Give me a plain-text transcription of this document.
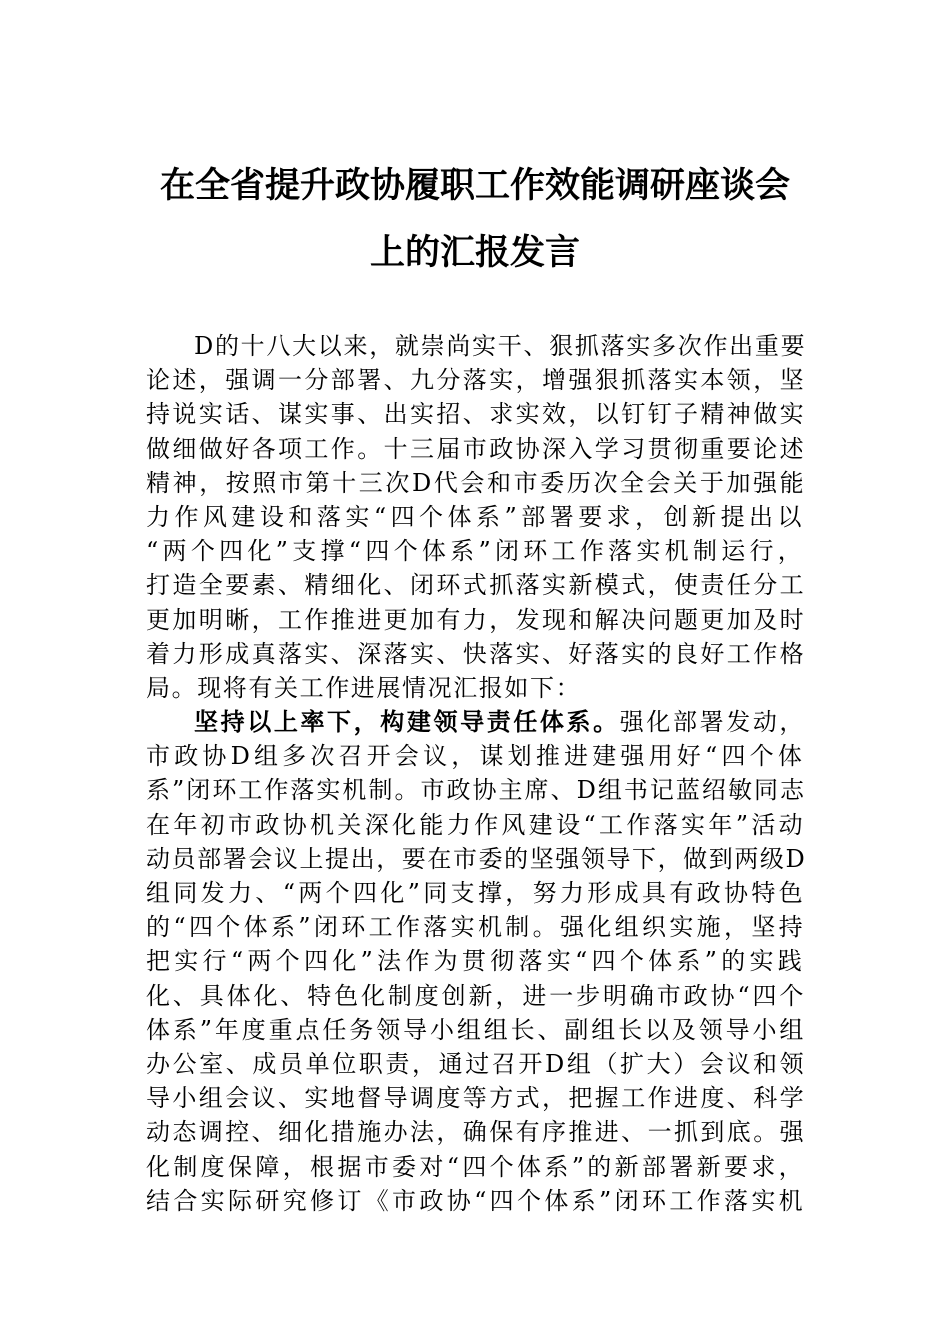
在全省提升政协履职工作效能调研座谈会
上的汇报发言

D的十八大以来，就崇尚实干、狠抓落实多次作出重要
论述，强调一分部署、九分落实，增强狠抓落实本领，坚
持说实话、谋实事、出实招、求实效，以钉钉子精神做实
做细做好各项工作。十三届市政协深入学习贯彻重要论述
精神，按照市第十三次D代会和市委历次全会关于加强能
力作风建设和落实“四个体系”部署要求，创新提出以
“两个四化”支撑“四个体系”闭环工作落实机制运行，
打造全要素、精细化、闭环式抓落实新模式，使责任分工
更加明晰，工作推进更加有力，发现和解决问题更加及时
着力形成真落实、深落实、快落实、好落实的良好工作格
局。现将有关工作进展情况汇报如下：

坚持以上率下，构建领导责任体系。强化部署发动，
市政协D组多次召开会议，谋划推进建强用好“四个体
系”闭环工作落实机制。市政协主席、D组书记蓝绍敏同志
在年初市政协机关深化能力作风建设“工作落实年”活动
动员部署会议上提出，要在市委的坚强领导下，做到两级D
组同发力、“两个四化”同支撑，努力形成具有政协特色
的“四个体系”闭环工作落实机制。强化组织实施，坚持
把实行“两个四化”法作为贯彻落实“四个体系”的实践
化、具体化、特色化制度创新，进一步明确市政协“四个
体系”年度重点任务领导小组组长、副组长以及领导小组
办公室、成员单位职责，通过召开D组（扩大）会议和领
导小组会议、实地督导调度等方式，把握工作进度、科学
动态调控、细化措施办法，确保有序推进、一抓到底。强
化制度保障，根据市委对“四个体系”的新部署新要求，
结合实际研究修订《市政协“四个体系”闭环工作落实机
